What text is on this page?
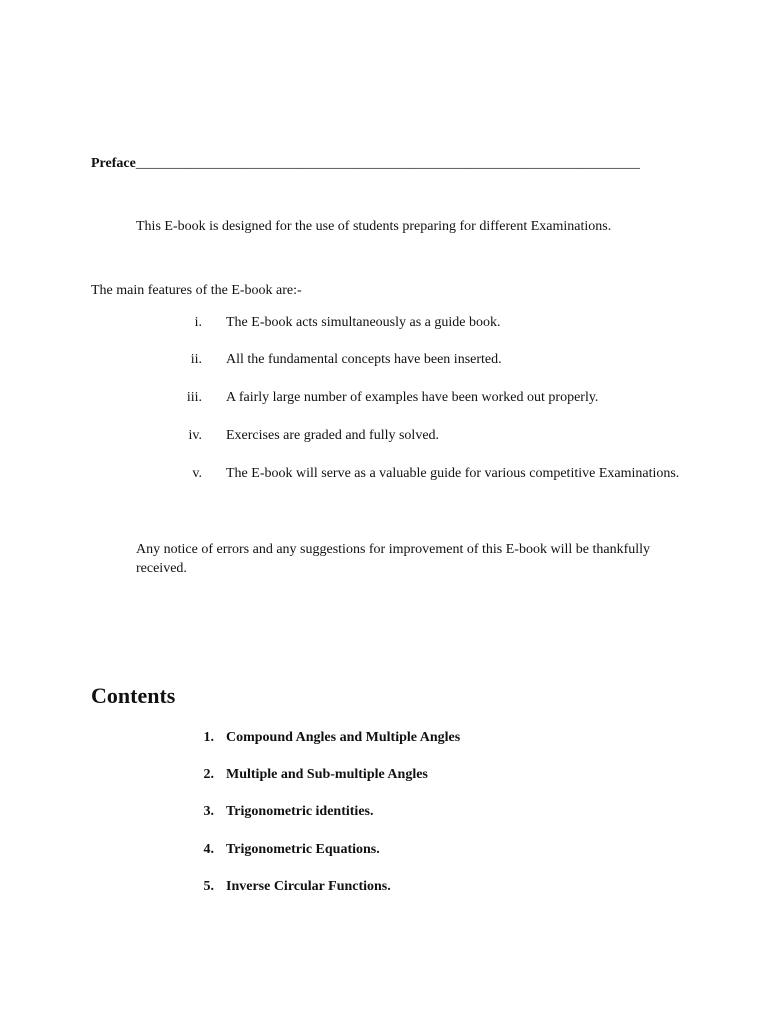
Preface________________________________________________________________________
This E-book is designed for the use of students preparing for different Examinations.
The main features of the E-book are:-
i. The E-book acts simultaneously as a guide book.
ii. All the fundamental concepts have been inserted.
iii. A fairly large number of examples have been worked out properly.
iv. Exercises are graded and fully solved.
v. The E-book will serve as a valuable guide for various competitive Examinations.
Any notice of errors and any suggestions for improvement of this E-book will be thankfully received.
Contents
1. Compound Angles and Multiple Angles
2. Multiple and Sub-multiple Angles
3. Trigonometric identities.
4. Trigonometric Equations.
5. Inverse Circular Functions.
